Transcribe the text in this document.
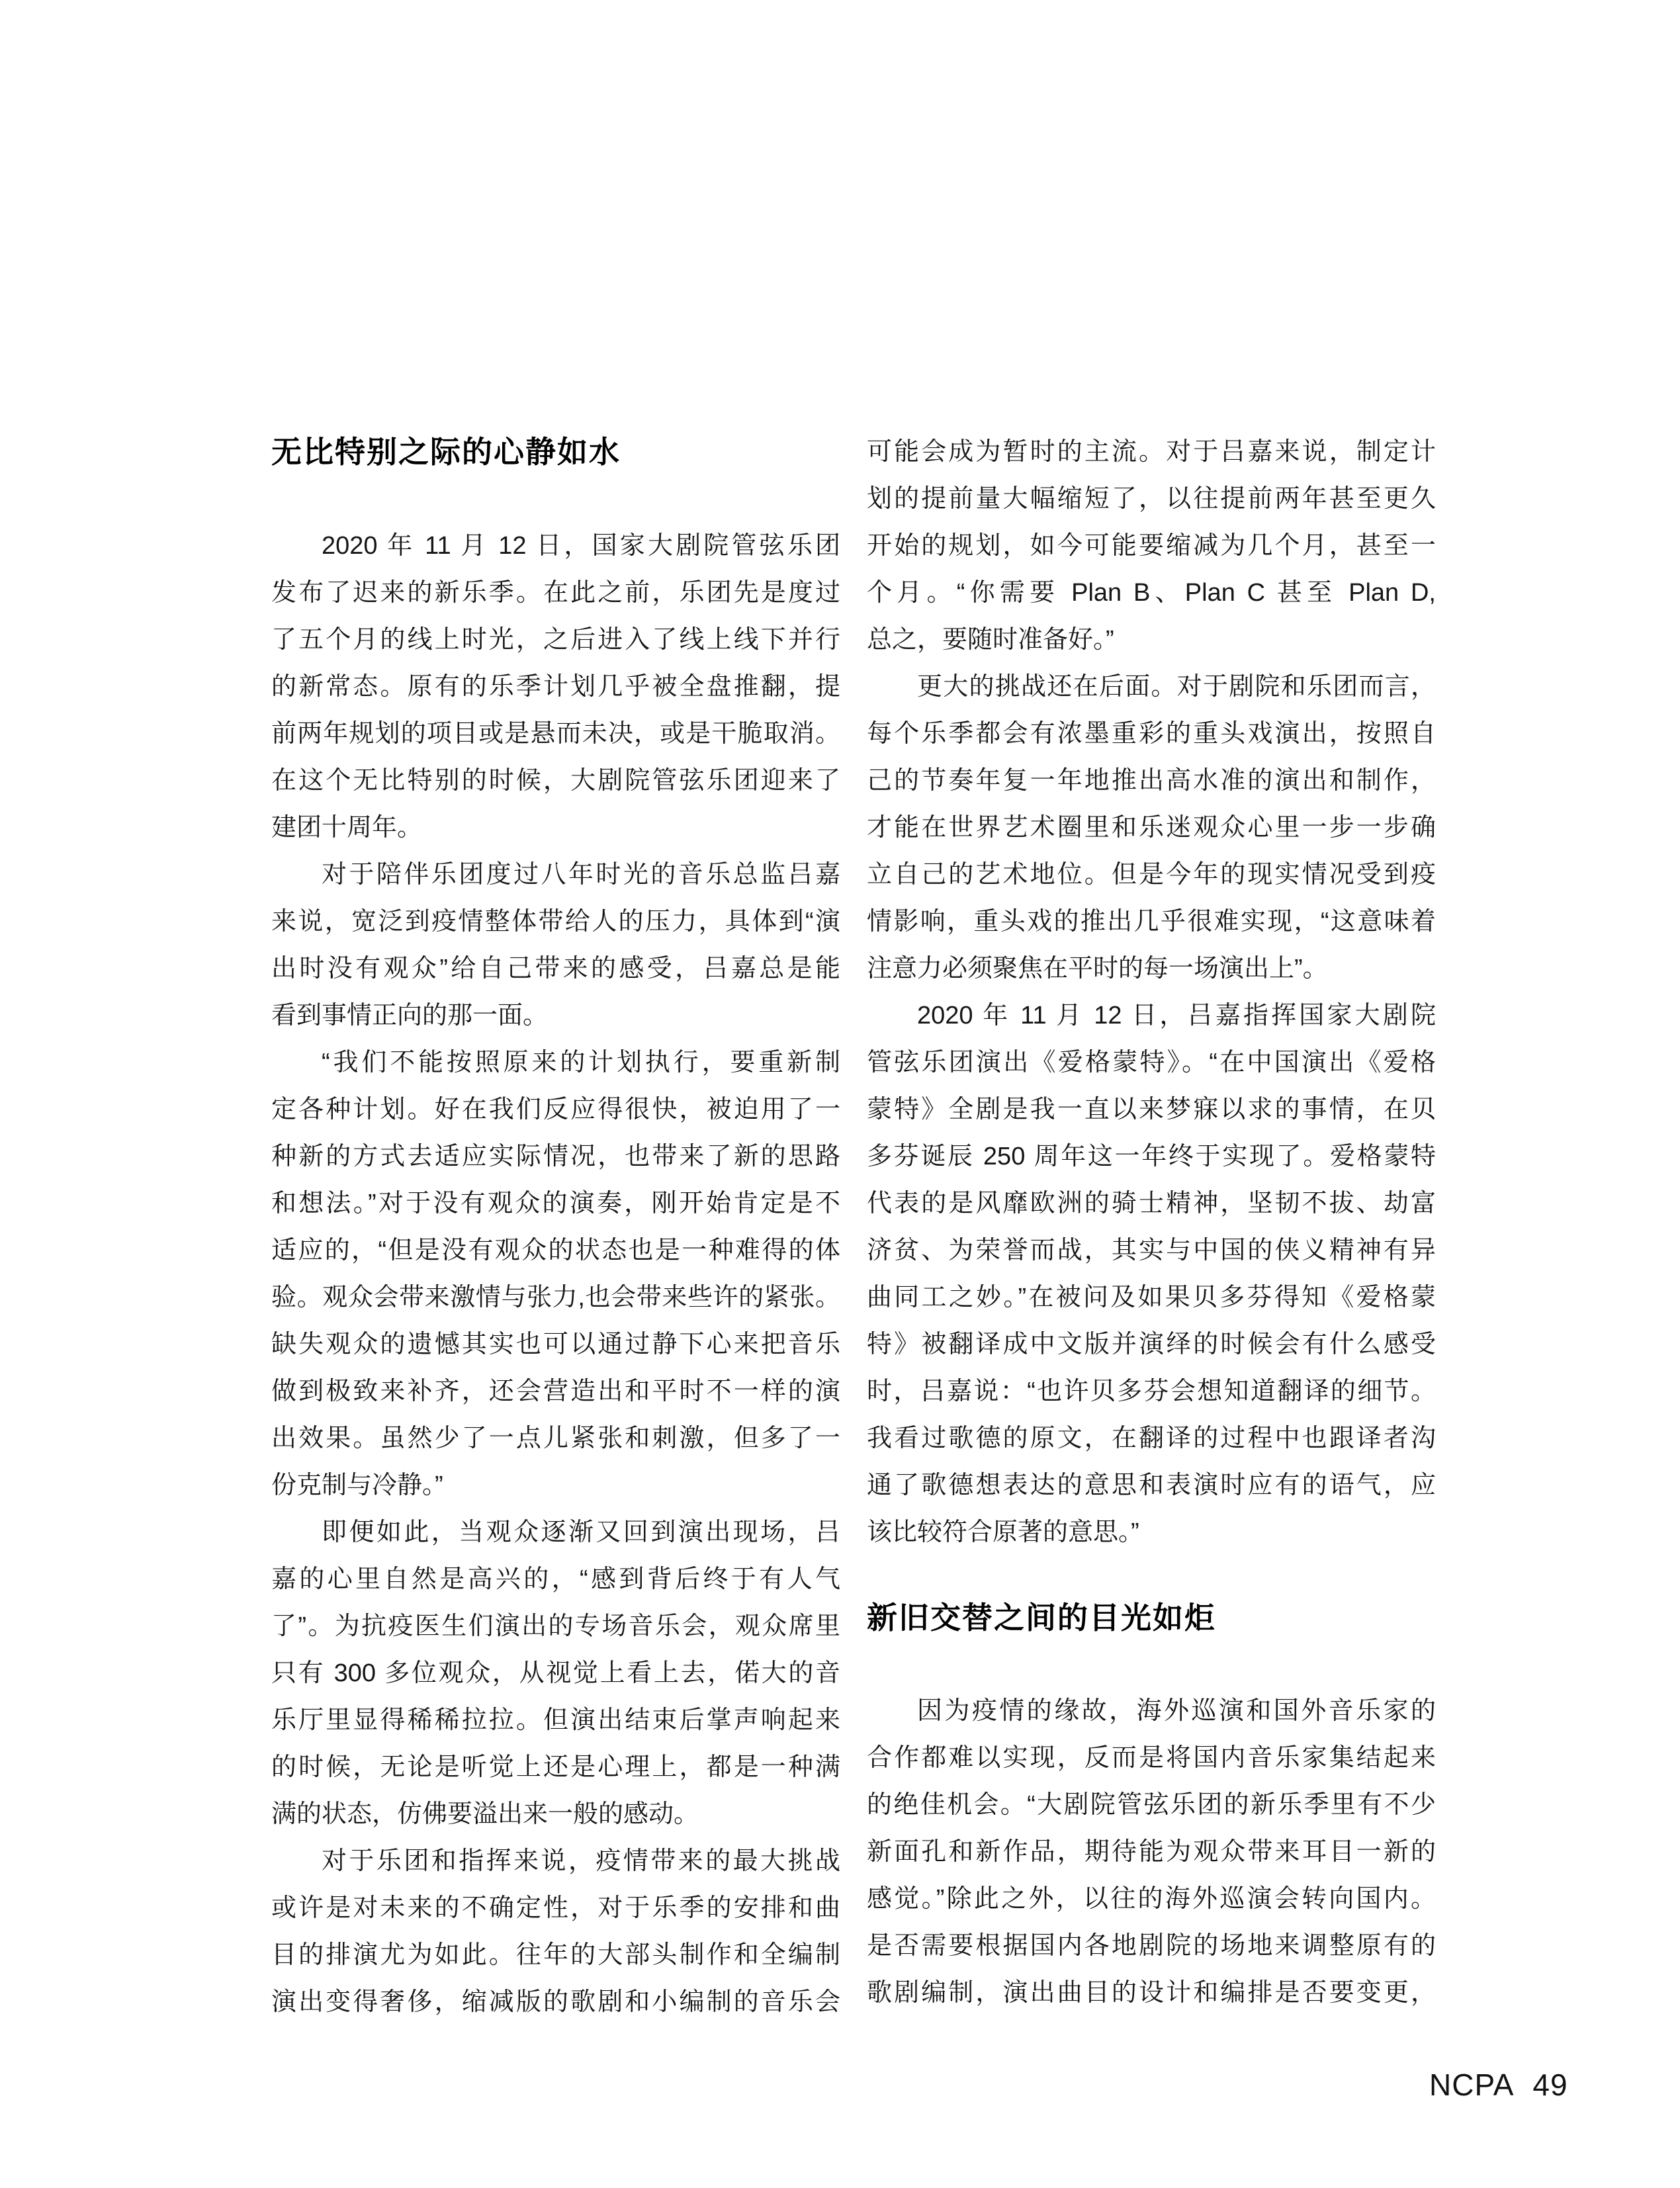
无比特别之际的心静如水
2020 年 11 月 12 日，国家大剧院管弦乐团
发布了迟来的新乐季。在此之前，乐团先是度过
了五个月的线上时光，之后进入了线上线下并行
的新常态。原有的乐季计划几乎被全盘推翻，提
前两年规划的项目或是悬而未决，或是干脆取消。
在这个无比特别的时候，大剧院管弦乐团迎来了
建团十周年。
对于陪伴乐团度过八年时光的音乐总监吕嘉
来说，宽泛到疫情整体带给人的压力，具体到“演
出时没有观众”给自己带来的感受，吕嘉总是能
看到事情正向的那一面。
“我们不能按照原来的计划执行，要重新制
定各种计划。好在我们反应得很快，被迫用了一
种新的方式去适应实际情况，也带来了新的思路
和想法。”对于没有观众的演奏，刚开始肯定是不
适应的，“但是没有观众的状态也是一种难得的体
验。观众会带来激情与张力,也会带来些许的紧张。
缺失观众的遗憾其实也可以通过静下心来把音乐
做到极致来补齐，还会营造出和平时不一样的演
出效果。虽然少了一点儿紧张和刺激，但多了一
份克制与冷静。”
即便如此，当观众逐渐又回到演出现场，吕
嘉的心里自然是高兴的，“感到背后终于有人气
了”。为抗疫医生们演出的专场音乐会，观众席里
只有 300 多位观众，从视觉上看上去，偌大的音
乐厅里显得稀稀拉拉。但演出结束后掌声响起来
的时候，无论是听觉上还是心理上，都是一种满
满的状态，仿佛要溢出来一般的感动。
对于乐团和指挥来说，疫情带来的最大挑战
或许是对未来的不确定性，对于乐季的安排和曲
目的排演尤为如此。往年的大部头制作和全编制
演出变得奢侈，缩减版的歌剧和小编制的音乐会
可能会成为暂时的主流。对于吕嘉来说，制定计
划的提前量大幅缩短了，以往提前两年甚至更久
开始的规划，如今可能要缩减为几个月，甚至一
个月。“你需要 Plan B、Plan C 甚至 Plan D,
总之，要随时准备好。”
更大的挑战还在后面。对于剧院和乐团而言，
每个乐季都会有浓墨重彩的重头戏演出，按照自
己的节奏年复一年地推出高水准的演出和制作，
才能在世界艺术圈里和乐迷观众心里一步一步确
立自己的艺术地位。但是今年的现实情况受到疫
情影响，重头戏的推出几乎很难实现，“这意味着
注意力必须聚焦在平时的每一场演出上”。
2020 年 11 月 12 日，吕嘉指挥国家大剧院
管弦乐团演出《爱格蒙特》。“在中国演出《爱格
蒙特》全剧是我一直以来梦寐以求的事情，在贝
多芬诞辰 250 周年这一年终于实现了。爱格蒙特
代表的是风靡欧洲的骑士精神，坚韧不拔、劫富
济贫、为荣誉而战，其实与中国的侠义精神有异
曲同工之妙。”在被问及如果贝多芬得知《爱格蒙
特》被翻译成中文版并演绎的时候会有什么感受
时，吕嘉说：“也许贝多芬会想知道翻译的细节。
我看过歌德的原文，在翻译的过程中也跟译者沟
通了歌德想表达的意思和表演时应有的语气，应
该比较符合原著的意思。”
新旧交替之间的目光如炬
因为疫情的缘故，海外巡演和国外音乐家的
合作都难以实现，反而是将国内音乐家集结起来
的绝佳机会。“大剧院管弦乐团的新乐季里有不少
新面孔和新作品，期待能为观众带来耳目一新的
感觉。”除此之外，以往的海外巡演会转向国内。
是否需要根据国内各地剧院的场地来调整原有的
歌剧编制，演出曲目的设计和编排是否要变更，
NCPA 49
